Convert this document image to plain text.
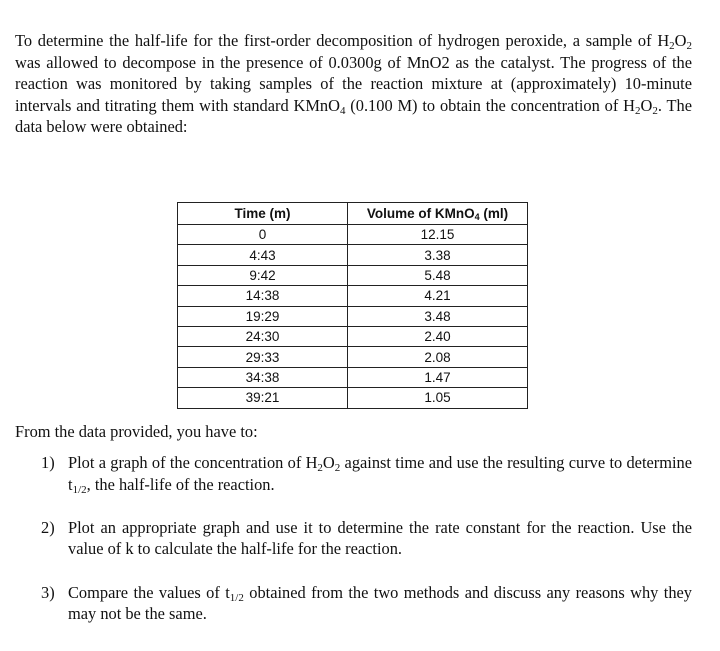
To determine the half-life for the first-order decomposition of hydrogen peroxide, a sample of $H_2O_2$ was allowed to decompose in the presence of 0.0300g of MnO2 as the catalyst. The progress of the reaction was monitored by taking samples of the reaction mixture at (approximately) 10-minute intervals and titrating them with standard KMnO$_4$ (0.100 M) to obtain the concentration of $H_2O_2$. The data below were obtained:
Time (m)	Volume of KMnO4 (ml)
0	12.15
4:43	3.38
9:42	5.48
14:38	4.21
19:29	3.48
24:30	2.40
29:33	2.08
34:38	1.47
39:21	1.05
From the data provided, you have to:
1) Plot a graph of the concentration of $H_2O_2$ against time and use the resulting curve to determine $t_{1/2}$, the half-life of the reaction.
2) Plot an appropriate graph and use it to determine the rate constant for the reaction. Use the value of k to calculate the half-life for the reaction.
3) Compare the values of $t_{1/2}$ obtained from the two methods and discuss any reasons why they may not be the same.
